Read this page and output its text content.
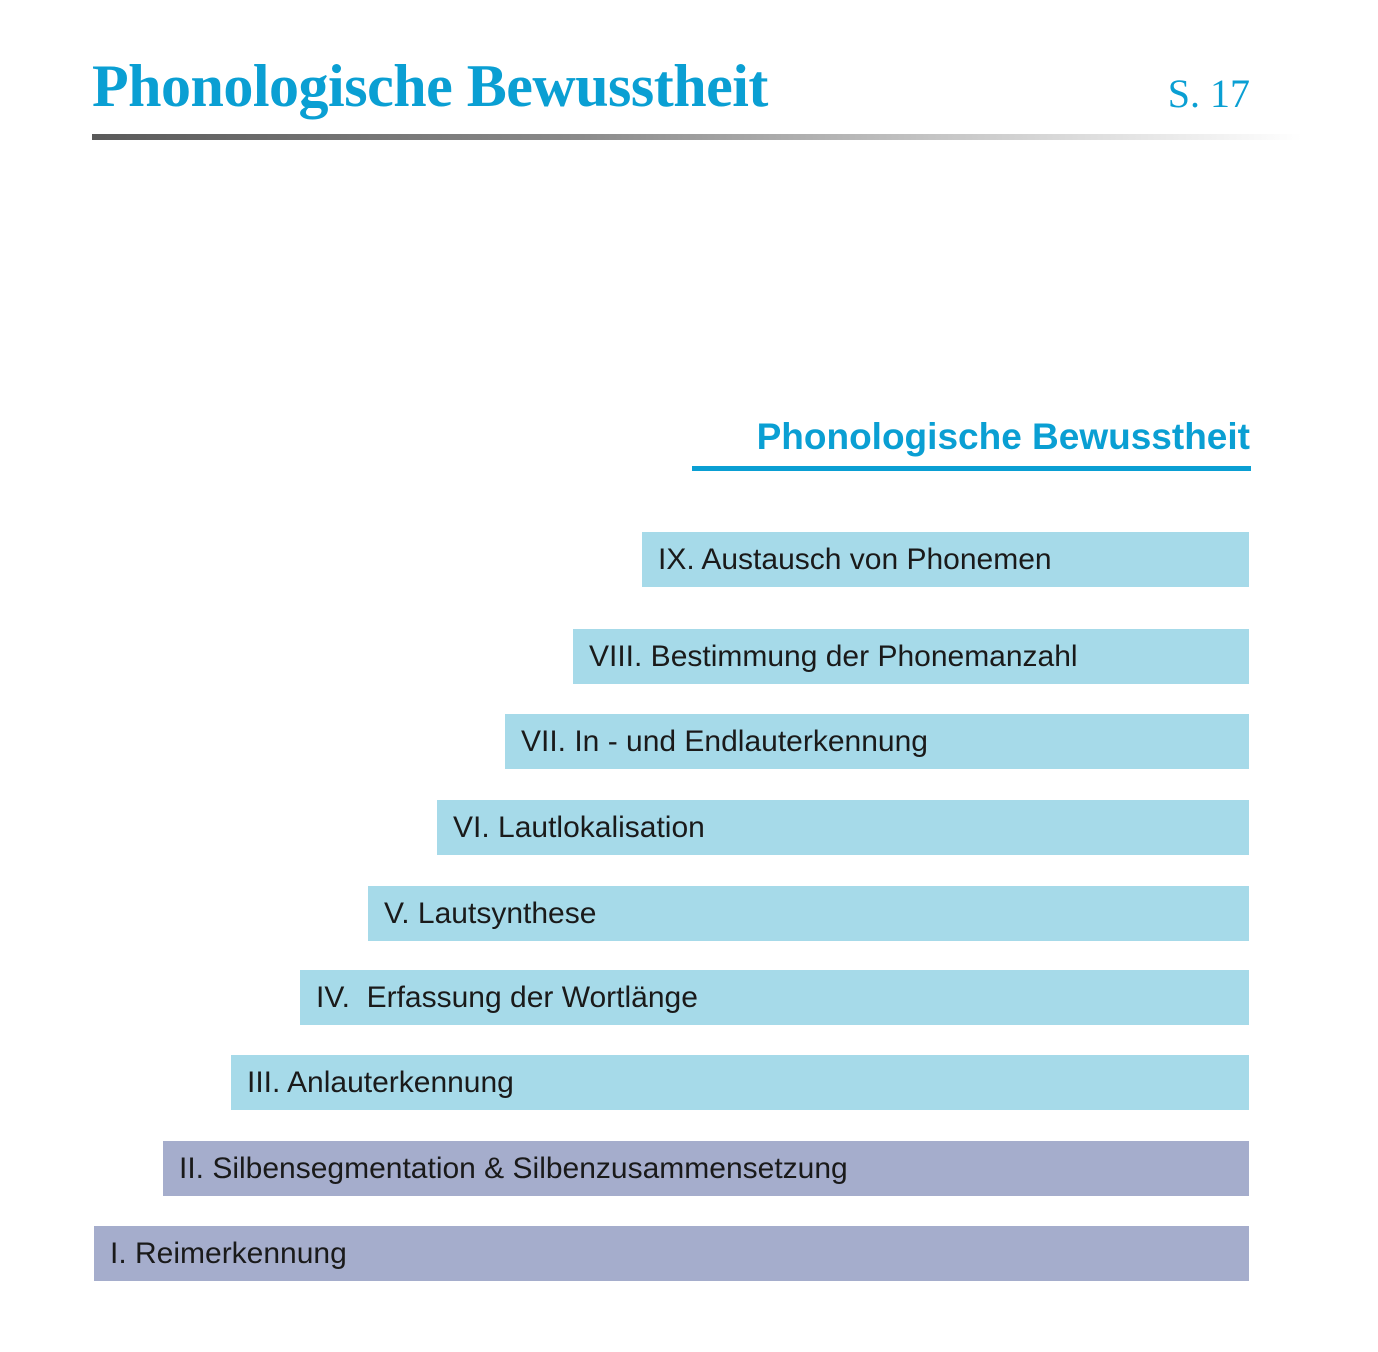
Phonologische Bewusstheit	S. 17
Phonologische Bewusstheit
IX. Austausch von Phonemen
VIII. Bestimmung der Phonemanzahl
VII. In - und Endlauterkennung
VI. Lautlokalisation
V. Lautsynthese
IV.  Erfassung der Wortlänge
III. Anlauterkennung
II. Silbensegmentation & Silbenzusammensetzung
I. Reimerkennung
